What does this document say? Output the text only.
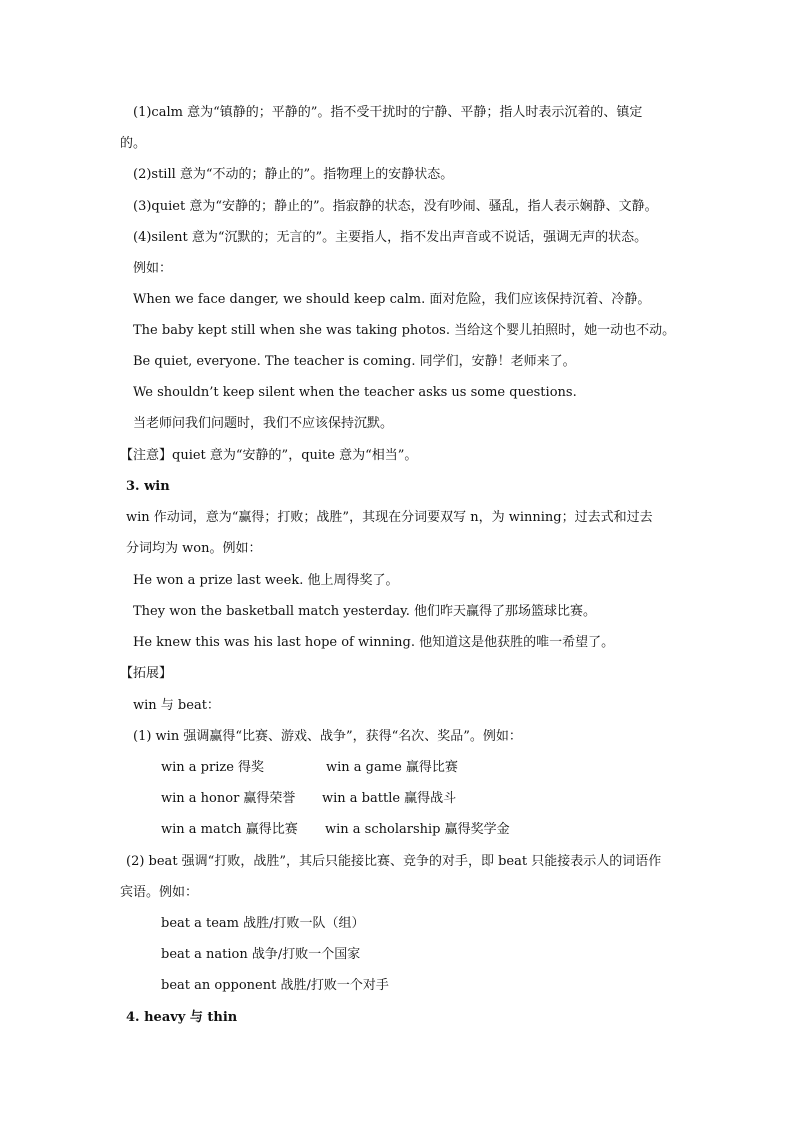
(1)calm 意为“镇静的；平静的”。指不受干扰时的宁静、平静；指人时表示沉着的、镇定
的。
(2)still 意为“不动的；静止的”。指物理上的安静状态。
(3)quiet 意为“安静的；静止的”。指寂静的状态，没有吵闹、骚乱，指人表示娴静、文静。
(4)silent 意为“沉默的；无言的”。主要指人，指不发出声音或不说话，强调无声的状态。
例如：
When we face danger, we should keep calm. 面对危险，我们应该保持沉着、冷静。
The baby kept still when she was taking photos. 当给这个婴儿拍照时，她一动也不动。
Be quiet, everyone. The teacher is coming. 同学们，安静！老师来了。
We shouldn’t keep silent when the teacher asks us some questions.
当老师问我们问题时，我们不应该保持沉默。
【注意】quiet 意为“安静的”，quite 意为“相当”。
3. win
win 作动词，意为“赢得；打败；战胜”，其现在分词要双写 n，为 winning；过去式和过去
分词均为 won。例如：
He won a prize last week. 他上周得奖了。
They won the basketball match yesterday. 他们昨天赢得了那场篮球比赛。
He knew this was his last hope of winning. 他知道这是他获胜的唯一希望了。
【拓展】
win 与 beat：
(1) win 强调赢得“比赛、游戏、战争”，获得“名次、奖品”。例如：
win a prize 得奖	win a game 赢得比赛
win a honor 赢得荣誉 win a battle 赢得战斗
win a match 赢得比赛 win a scholarship 赢得奖学金
(2) beat 强调“打败，战胜”，其后只能接比赛、竞争的对手，即 beat 只能接表示人的词语作
宾语。例如：
beat a team 战胜/打败一队（组）
beat a nation 战争/打败一个国家
beat an opponent 战胜/打败一个对手
4. heavy 与 thin
